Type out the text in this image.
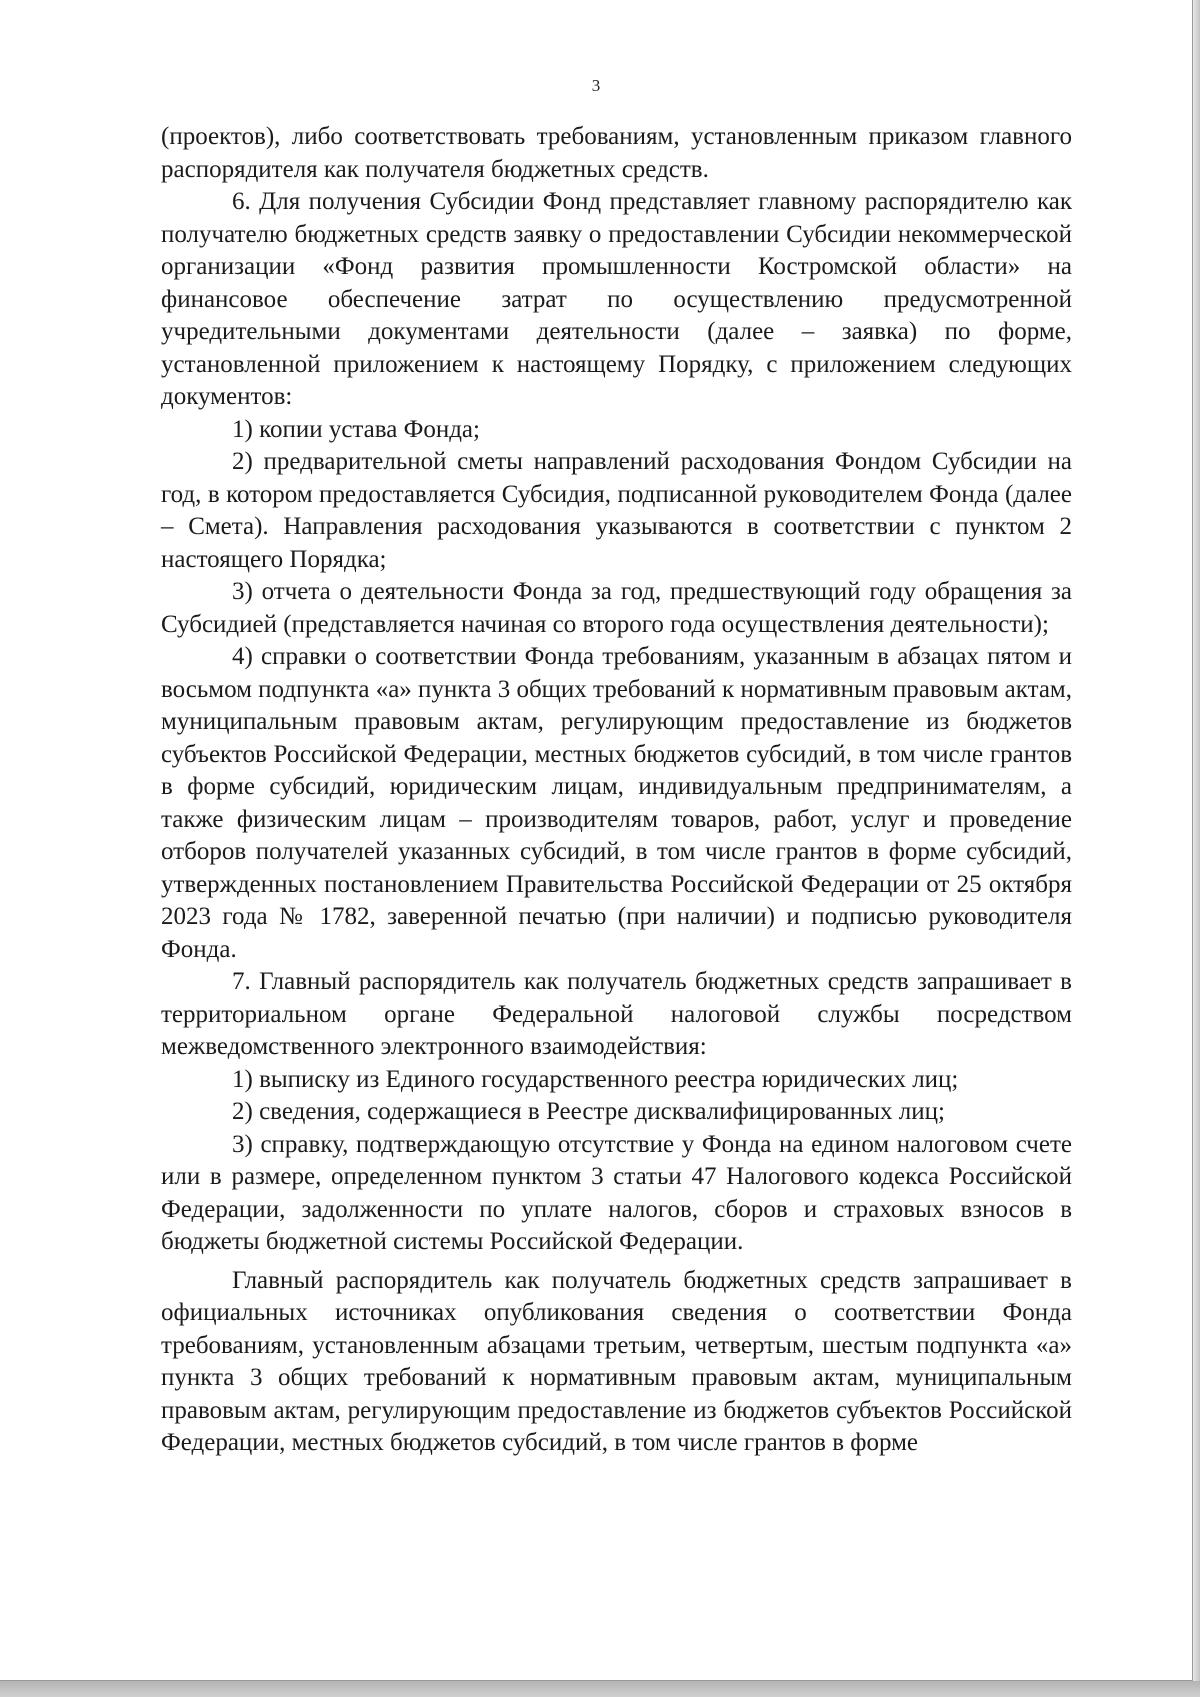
3

(проектов), либо соответствовать требованиям, установленным приказом главного распорядителя как получателя бюджетных средств.

6. Для получения Субсидии Фонд представляет главному распорядителю как получателю бюджетных средств заявку о предоставлении Субсидии некоммерческой организации «Фонд развития промышленности Костромской области» на финансовое обеспечение затрат по осуществлению предусмотренной учредительными документами деятельности (далее – заявка) по форме, установленной приложением к настоящему Порядку, с приложением следующих документов:

1) копии устава Фонда;

2) предварительной сметы направлений расходования Фондом Субсидии на год, в котором предоставляется Субсидия, подписанной руководителем Фонда (далее – Смета). Направления расходования указываются в соответствии с пунктом 2 настоящего Порядка;

3) отчета о деятельности Фонда за год, предшествующий году обращения за Субсидией (представляется начиная со второго года осуществления деятельности);

4) справки о соответствии Фонда требованиям, указанным в абзацах пятом и восьмом подпункта «а» пункта 3 общих требований к нормативным правовым актам, муниципальным правовым актам, регулирующим предоставление из бюджетов субъектов Российской Федерации, местных бюджетов субсидий, в том числе грантов в форме субсидий, юридическим лицам, индивидуальным предпринимателям, а также физическим лицам – производителям товаров, работ, услуг и проведение отборов получателей указанных субсидий, в том числе грантов в форме субсидий, утвержденных постановлением Правительства Российской Федерации от 25 октября 2023 года № 1782, заверенной печатью (при наличии) и подписью руководителя Фонда.

7. Главный распорядитель как получатель бюджетных средств запрашивает в территориальном органе Федеральной налоговой службы посредством межведомственного электронного взаимодействия:

1) выписку из Единого государственного реестра юридических лиц;

2) сведения, содержащиеся в Реестре дисквалифицированных лиц;

3) справку, подтверждающую отсутствие у Фонда на едином налоговом счете или в размере, определенном пунктом 3 статьи 47 Налогового кодекса Российской Федерации, задолженности по уплате налогов, сборов и страховых взносов в бюджеты бюджетной системы Российской Федерации.

Главный распорядитель как получатель бюджетных средств запрашивает в официальных источниках опубликования сведения о соответствии Фонда требованиям, установленным абзацами третьим, четвертым, шестым подпункта «а» пункта 3 общих требований к нормативным правовым актам, муниципальным правовым актам, регулирующим предоставление из бюджетов субъектов Российской Федерации, местных бюджетов субсидий, в том числе грантов в форме
